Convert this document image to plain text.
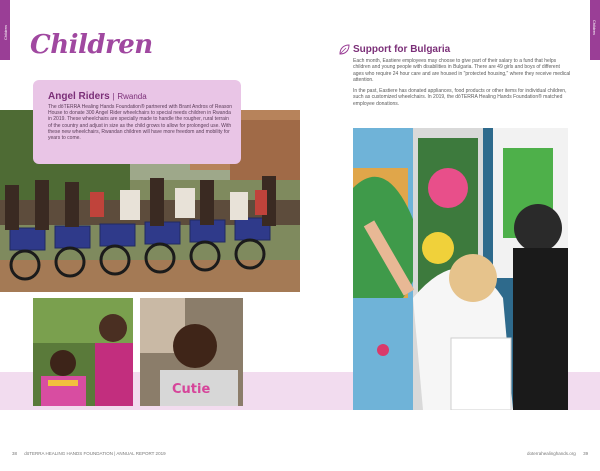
Children	Children
Children
Angel Riders | Rwanda
The dōTERRA Healing Hands Foundation® partnered with Brant Andros of Reason House to donate 300 Angel Rider wheelchairs to special needs children in Rwanda in 2019. These wheelchairs are specially made to handle the rougher, rural terrain of the country and adjust in size as the child grows to allow for prolonged use. With these new wheelchairs, Rwandan children will have more freedom and mobility for years to come.
Cutie
Support for Bulgaria
Each month, Eastiere employees may choose to give part of their salary to a fund that helps children and young people with disabilities in Bulgaria. There are 49 girls and boys of different ages who require 24 hour care and are housed in "protected housing," where they receive medical attention.
In the past, Eastiere has donated appliances, food products or other items for individual children, such as customized wheelchairs. In 2019, the dōTERRA Healing Hands Foundation® matched employee donations.
38 dōTERRA HEALING HANDS FOUNDATION | ANNUAL REPORT 2019	doterrahealinghands.org 39
